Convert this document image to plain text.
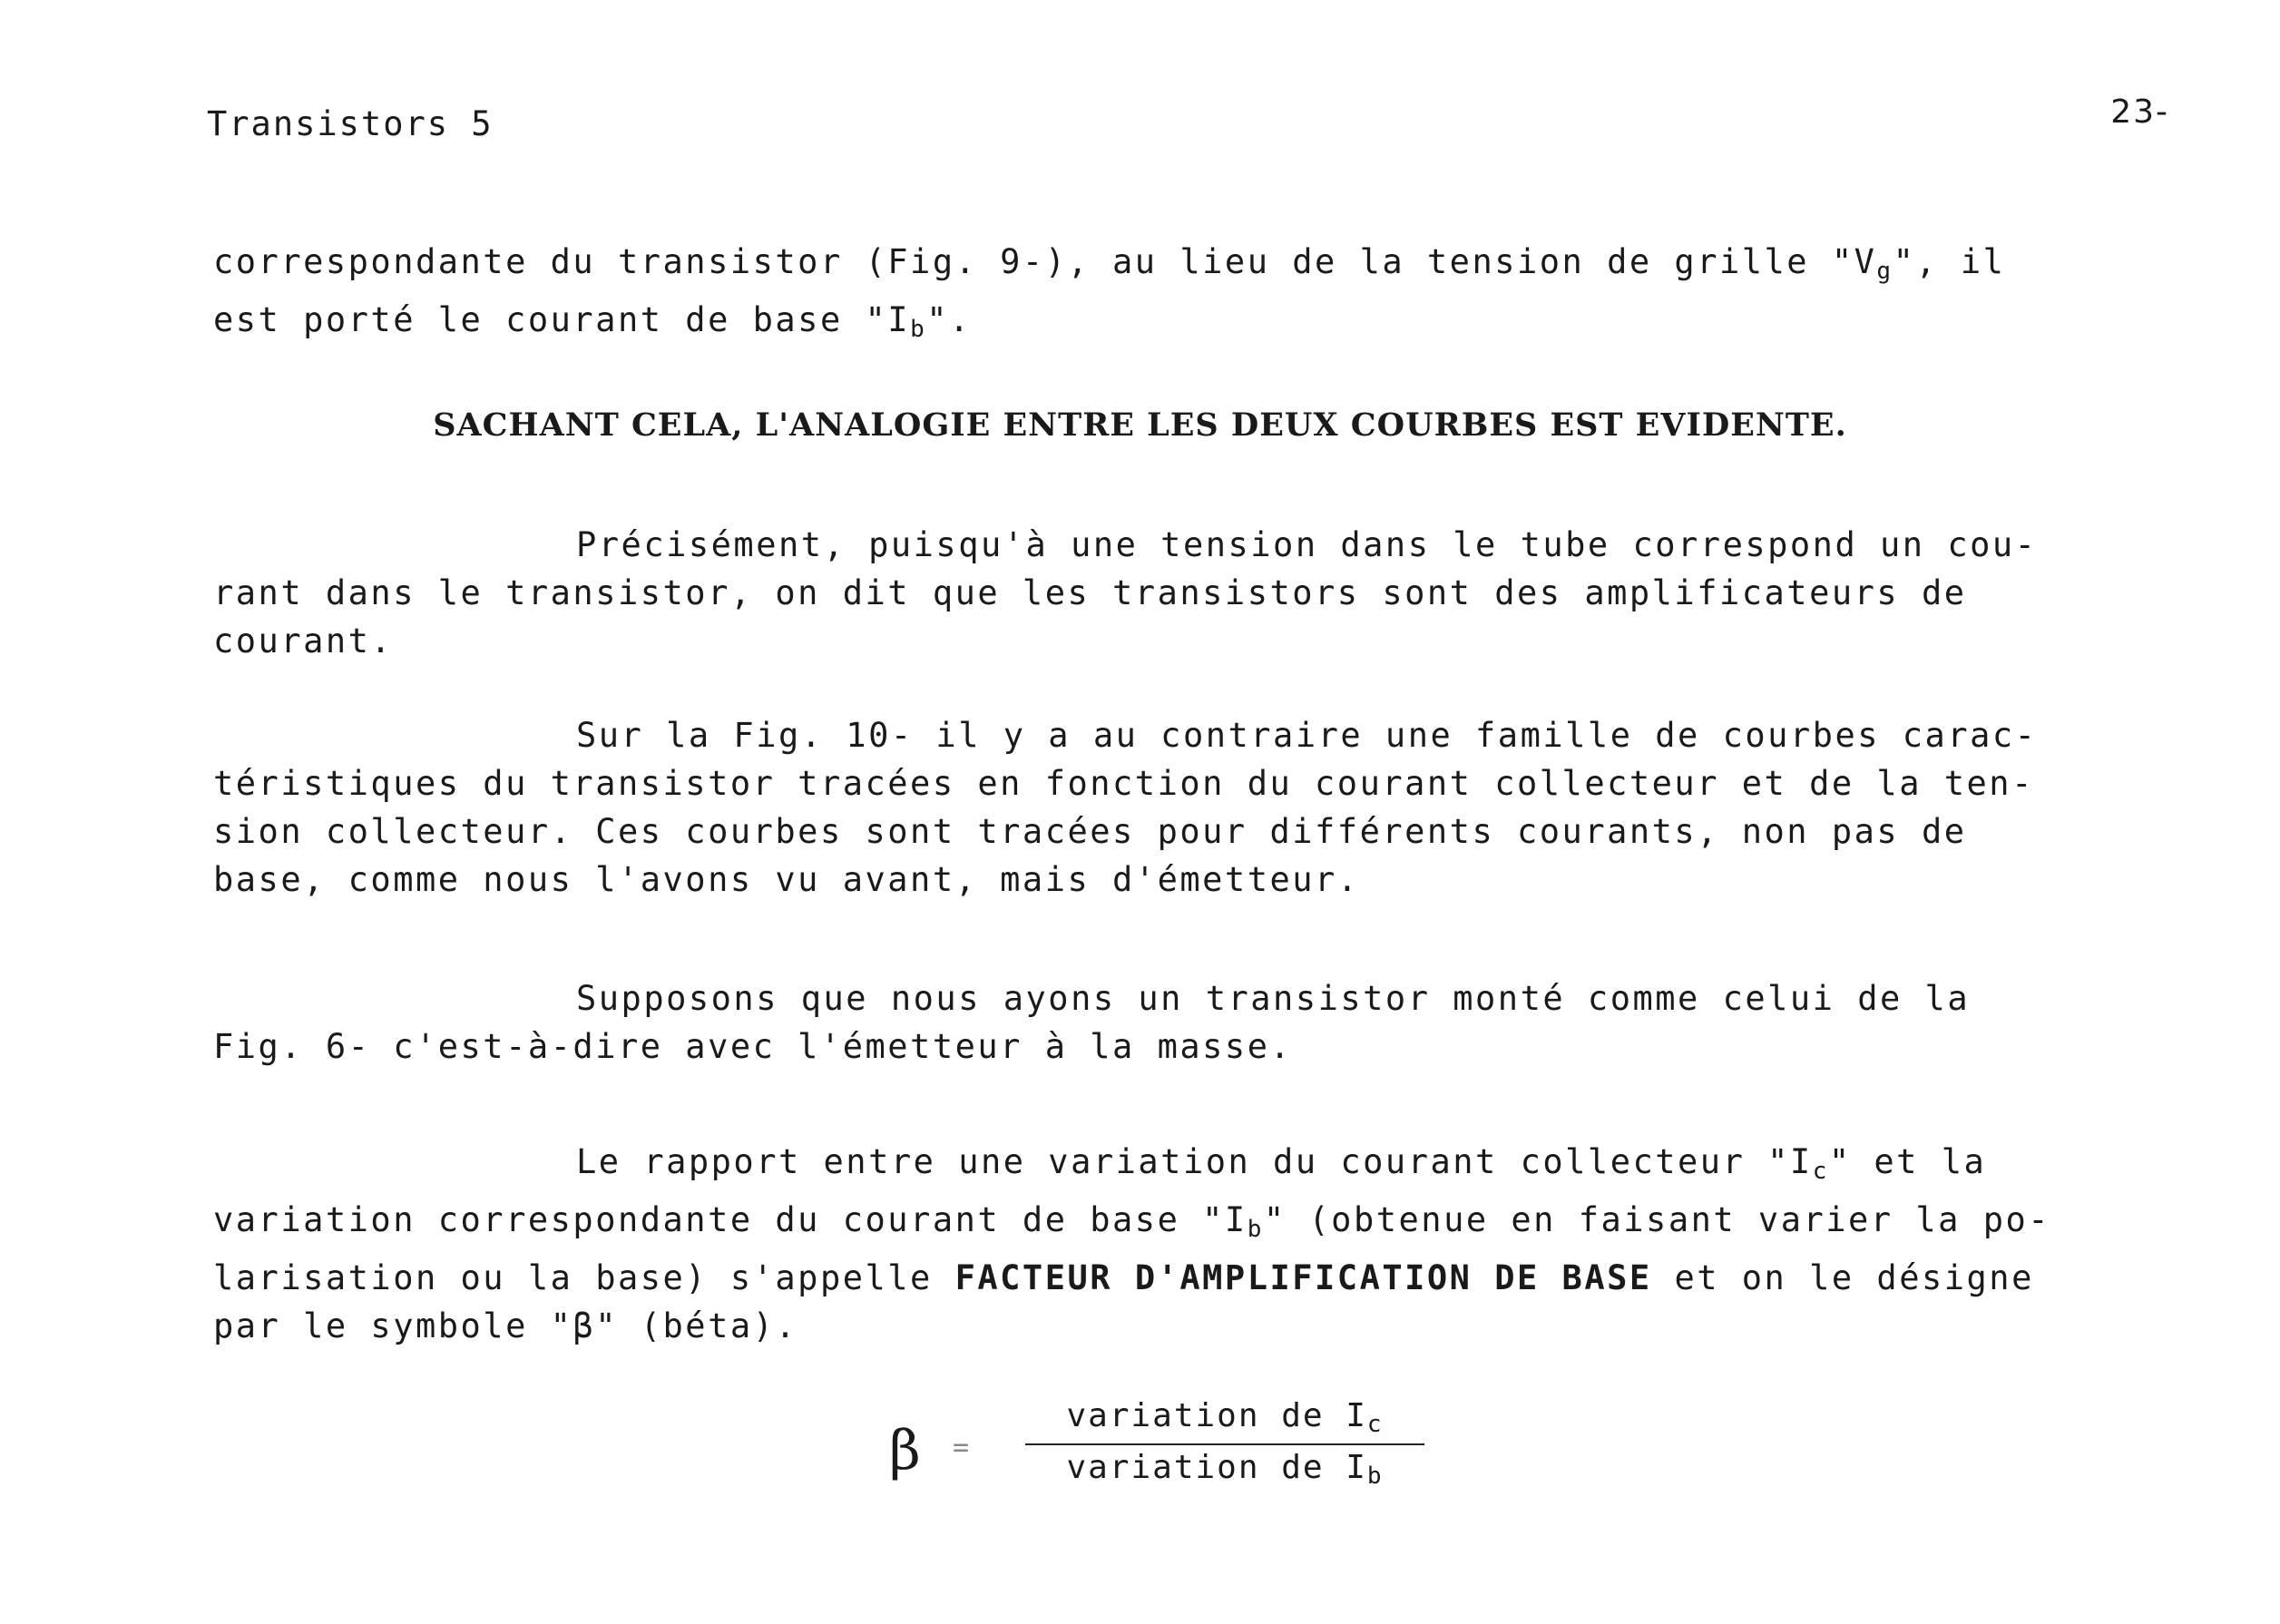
Transistors 5	23-
correspondante du transistor (Fig. 9-), au lieu de la tension de grille "$V_g$", il
est porté le courant de base "$I_b$".
SACHANT CELA, L'ANALOGIE ENTRE LES DEUX COURBES EST EVIDENTE.
Précisément, puisqu'à une tension dans le tube correspond un cou-
rant dans le transistor, on dit que les transistors sont des amplificateurs de
courant.
Sur la Fig. 10- il y a au contraire une famille de courbes carac-
téristiques du transistor tracées en fonction du courant collecteur et de la ten-
sion collecteur. Ces courbes sont tracées pour différents courants, non pas de
base, comme nous l'avons vu avant, mais d'émetteur.
Supposons que nous ayons un transistor monté comme celui de la
Fig. 6- c'est-à-dire avec l'émetteur à la masse.
Le rapport entre une variation du courant collecteur "$I_c$" et la
variation correspondante du courant de base "$I_b$" (obtenue en faisant varier la po-
larisation ou la base) s'appelle FACTEUR D'AMPLIFICATION DE BASE et on le désigne
par le symbole "β" (béta).
β =
variation de $I_c$
variation de $I_b$
